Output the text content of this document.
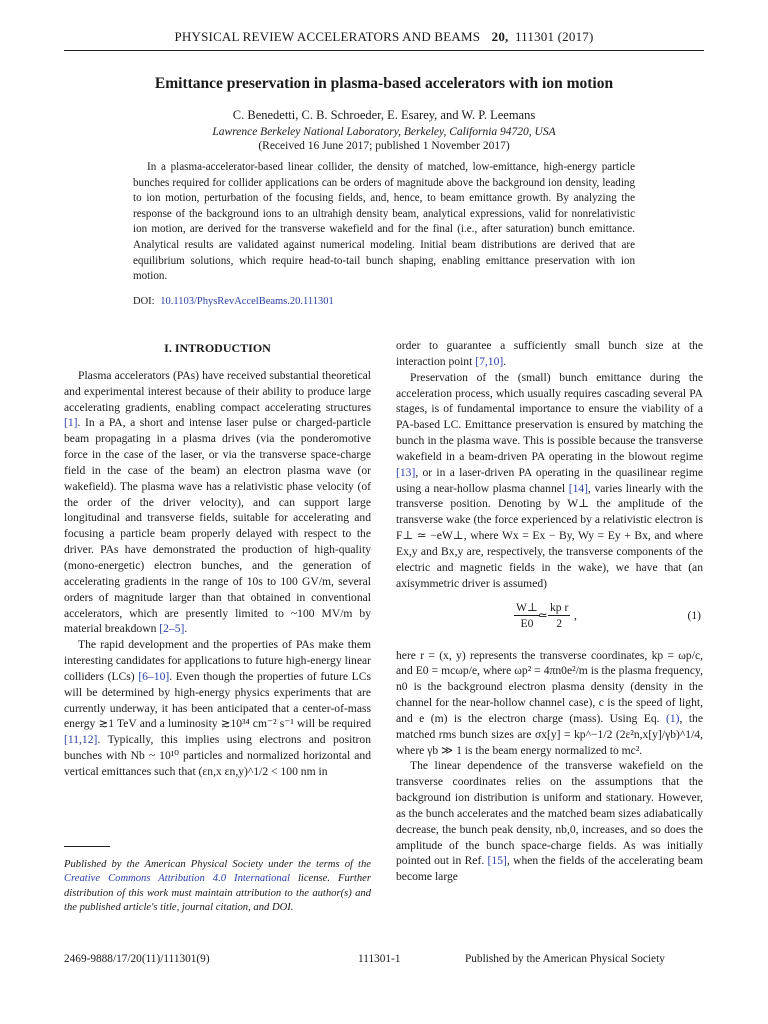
PHYSICAL REVIEW ACCELERATORS AND BEAMS 20, 111301 (2017)
Emittance preservation in plasma-based accelerators with ion motion
C. Benedetti, C. B. Schroeder, E. Esarey, and W. P. Leemans
Lawrence Berkeley National Laboratory, Berkeley, California 94720, USA
(Received 16 June 2017; published 1 November 2017)

In a plasma-accelerator-based linear collider, the density of matched, low-emittance, high-energy particle bunches required for collider applications can be orders of magnitude above the background ion density, leading to ion motion, perturbation of the focusing fields, and, hence, to beam emittance growth. By analyzing the response of the background ions to an ultrahigh density beam, analytical expressions, valid for nonrelativistic ion motion, are derived for the transverse wakefield and for the final (i.e., after saturation) bunch emittance. Analytical results are validated against numerical modeling. Initial beam distributions are derived that are equilibrium solutions, which require head-to-tail bunch shaping, enabling emittance preservation with ion motion.

DOI: 10.1103/PhysRevAccelBeams.20.111301
I. INTRODUCTION

Plasma accelerators (PAs) have received substantial theoretical and experimental interest because of their ability to produce large accelerating gradients, enabling compact accelerating structures [1]. In a PA, a short and intense laser pulse or charged-particle beam propagating in a plasma drives (via the ponderomotive force in the case of the laser, or via the transverse space-charge field in the case of the beam) an electron plasma wave (or wakefield). The plasma wave has a relativistic phase velocity (of the order of the driver velocity), and can support large longitudinal and transverse fields, suitable for accelerating and focusing a particle beam properly delayed with respect to the driver. PAs have demonstrated the production of high-quality (mono-energetic) electron bunches, and the generation of accelerating gradients in the range of 10s to 100 GV/m, several orders of magnitude larger than that obtained in conventional accelerators, which are presently limited to ~100 MV/m by material breakdown [2–5].

The rapid development and the properties of PAs make them interesting candidates for applications to future high-energy linear colliders (LCs) [6–10]. Even though the properties of future LCs will be determined by high-energy physics experiments that are currently underway, it has been anticipated that a center-of-mass energy ≳1 TeV and a luminosity ≳10³⁴ cm⁻² s⁻¹ will be required [11,12]. Typically, this implies using electrons and positron bunches with Nb ~ 10¹⁰ particles and normalized horizontal and vertical emittances such that (εn,x εn,y)^1/2 < 100 nm in

Published by the American Physical Society under the terms of the Creative Commons Attribution 4.0 International license. Further distribution of this work must maintain attribution to the author(s) and the published article's title, journal citation, and DOI.

order to guarantee a sufficiently small bunch size at the interaction point [7,10].

Preservation of the (small) bunch emittance during the acceleration process, which usually requires cascading several PA stages, is of fundamental importance to ensure the viability of a PA-based LC. Emittance preservation is ensured by matching the bunch in the plasma wave. This is possible because the transverse wakefield in a beam-driven PA operating in the blowout regime [13], or in a laser-driven PA operating in the quasilinear regime using a near-hollow plasma channel [14], varies linearly with the transverse position. Denoting by W⊥ the amplitude of the transverse wake (the force experienced by a relativistic electron is F⊥ ≃ −eW⊥, where Wx = Ex − By, Wy = Ey + Bx, and where Ex,y and Bx,y are, respectively, the transverse components of the electric and magnetic fields in the wake), we have that (an axisymmetric driver is assumed)

$\frac{W\perp}{E0}$
≃ $\frac{\text{kp r}}{2}$ ,	(1)

here r = (x, y) represents the transverse coordinates, kp = ωp/c, and E0 = mcωp/e, where ωp² = 4πn0e²/m is the plasma frequency, n0 is the background electron plasma density (density in the channel for the near-hollow channel case), c is the speed of light, and e (m) is the electron charge (mass). Using Eq. (1), the matched rms bunch sizes are σx[y] = kp^−1/2 (2ε²n,x[y]/γb)^1/4, where γb ≫ 1 is the beam energy normalized to mc².

The linear dependence of the transverse wakefield on the transverse coordinates relies on the assumptions that the background ion distribution is uniform and stationary. However, as the bunch accelerates and the matched beam sizes adiabatically decrease, the bunch peak density, nb,0, increases, and so does the amplitude of the bunch space-charge fields. As was initially pointed out in Ref. [15], when the fields of the accelerating beam become large

2469-9888/17/20(11)/111301(9)	111301-1	Published by the American Physical Society
